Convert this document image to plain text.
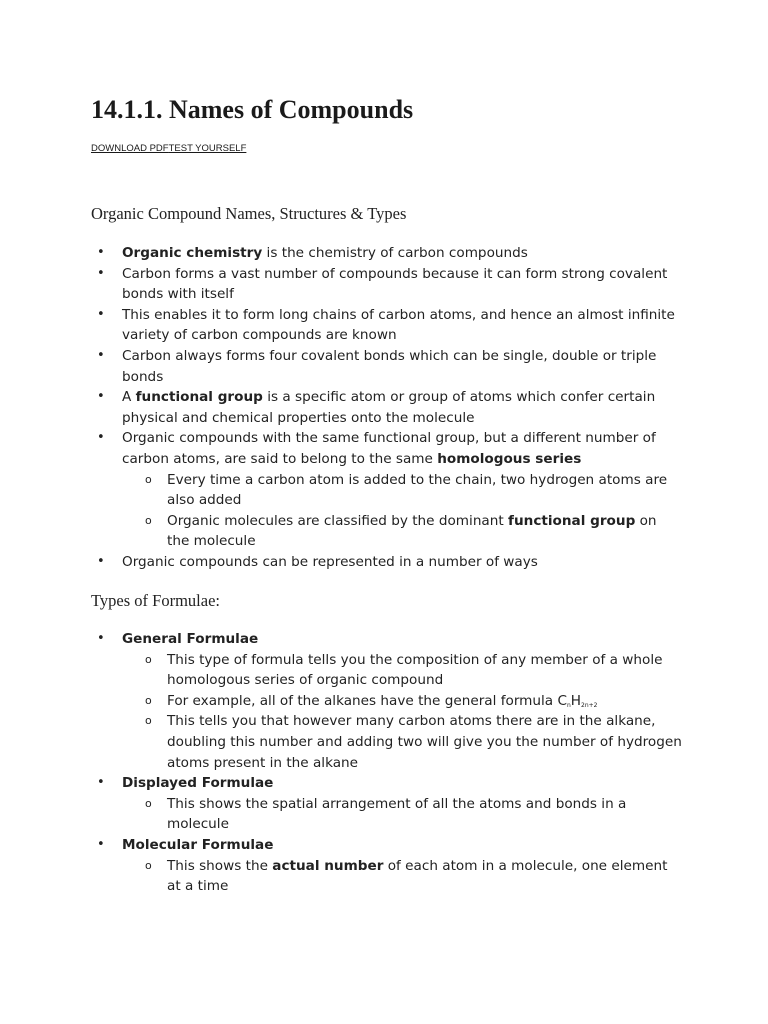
14.1.1. Names of Compounds
DOWNLOAD PDFTEST YOURSELF
Organic Compound Names, Structures & Types
• Organic chemistry is the chemistry of carbon compounds
• Carbon forms a vast number of compounds because it can form strong covalent bonds with itself
• This enables it to form long chains of carbon atoms, and hence an almost infinite variety of carbon compounds are known
• Carbon always forms four covalent bonds which can be single, double or triple bonds
• A functional group is a specific atom or group of atoms which confer certain physical and chemical properties onto the molecule
• Organic compounds with the same functional group, but a different number of carbon atoms, are said to belong to the same homologous series
o Every time a carbon atom is added to the chain, two hydrogen atoms are also added
o Organic molecules are classified by the dominant functional group on the molecule
• Organic compounds can be represented in a number of ways
Types of Formulae:
• General Formulae
o This type of formula tells you the composition of any member of a whole homologous series of organic compound
o For example, all of the alkanes have the general formula $C_nH_{2n+2}$
o This tells you that however many carbon atoms there are in the alkane, doubling this number and adding two will give you the number of hydrogen atoms present in the alkane
• Displayed Formulae
o This shows the spatial arrangement of all the atoms and bonds in a molecule
• Molecular Formulae
o This shows the actual number of each atom in a molecule, one element at a time
